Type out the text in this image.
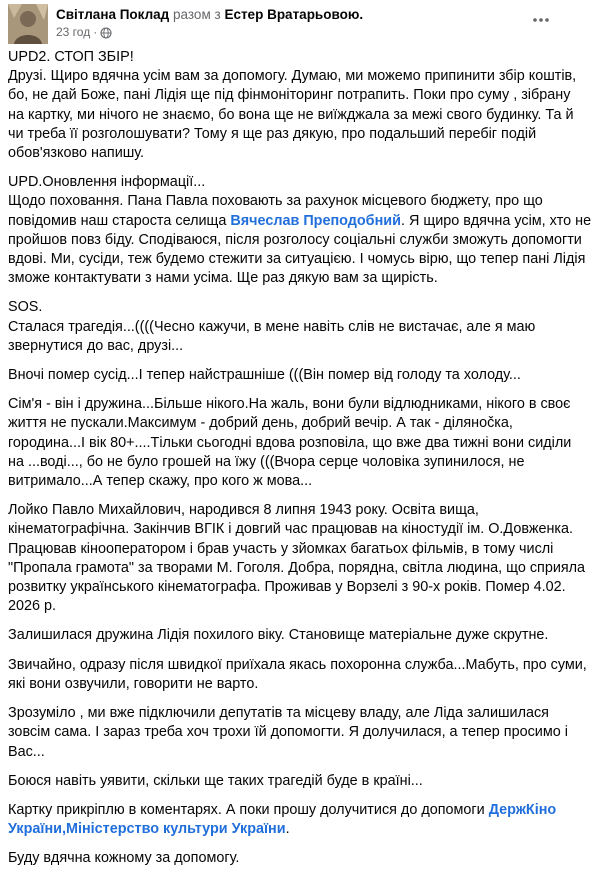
Світлана Поклад разом з Естер Вратарьовою.
23 год ·
UPD2. СТОП ЗБІР!
Друзі. Щиро вдячна усім вам за допомогу. Думаю, ми можемо припинити збір коштів,
бо, не дай Боже, пані Лідія ще під фінмоніторинг потрапить. Поки про суму , зібрану
на картку, ми нічого не знаємо, бо вона ще не виїжджала за межі свого будинку. Та й
чи треба її розголошувати? Тому я ще раз дякую, про подальший перебіг подій
обов'язково напишу.
UPD.Оновлення інформації...
Щодо поховання. Пана Павла поховають за рахунок місцевого бюджету, про що
повідомив наш староста селища Вячеслав Преподобний. Я щиро вдячна усім, хто не
пройшов повз біду. Сподіваюся, після розголосу соціальні служби зможуть допомогти
вдові. Ми, сусіди, теж будемо стежити за ситуацією. І чомусь вірю, що тепер пані Лідія
зможе контактувати з нами усіма. Ще раз дякую вам за щирість.
SOS.
Сталася трагедія...((((Чесно кажучи, в мене навіть слів не вистачає, але я маю
звернутися до вас, друзі...
Вночі помер сусід...І тепер найстрашніше (((Він помер від голоду та холоду...
Сім'я - він і дружина...Більше нікого.На жаль, вони були відлюдниками, нікого в своє
життя не пускали.Максимум - добрий день, добрий вечір. А так - ділянočка,
городина...І вік 80+....Тільки сьогодні вдова розповіла, що вже два тижні вони сиділи
на ...воді..., бо не було грошей на їжу (((Вчора серце чоловіка зупинилося, не
витримало...А тепер скажу, про кого ж мова...
Лойко Павло Михайлович, народився 8 липня 1943 року. Освіта вища,
кінематографічна. Закінчив ВГІК і довгий час працював на кіностудії ім. О.Довженка.
Працював кінооператором і брав участь у зйомках багатьох фільмів, в тому числі
"Пропала грамота" за творами М. Гоголя. Добра, порядна, світла людина, що сприяла
розвитку українського кінематографа. Проживав у Ворзелі з 90-х років. Помер 4.02.
2026 р.
Залишилася дружина Лідія похилого віку. Становище матеріальне дуже скрутне.
Звичайно, одразу після швидкої приїхала якась похоронна служба...Мабуть, про суми,
які вони озвучили, говорити не варто.
Зрозуміло , ми вже підключили депутатів та місцеву владу, але Ліда залишилася
зовсім сама. І зараз треба хоч трохи їй допомогти. Я долучилася, а тепер просимо і
Вас...
Боюся навіть уявити, скільки ще таких трагедій буде в країні...
Картку прикріплю в коментарях. А поки прошу долучитися до допомоги ДержКіно
України,Міністерство культури України.
Буду вдячна кожному за допомогу.
